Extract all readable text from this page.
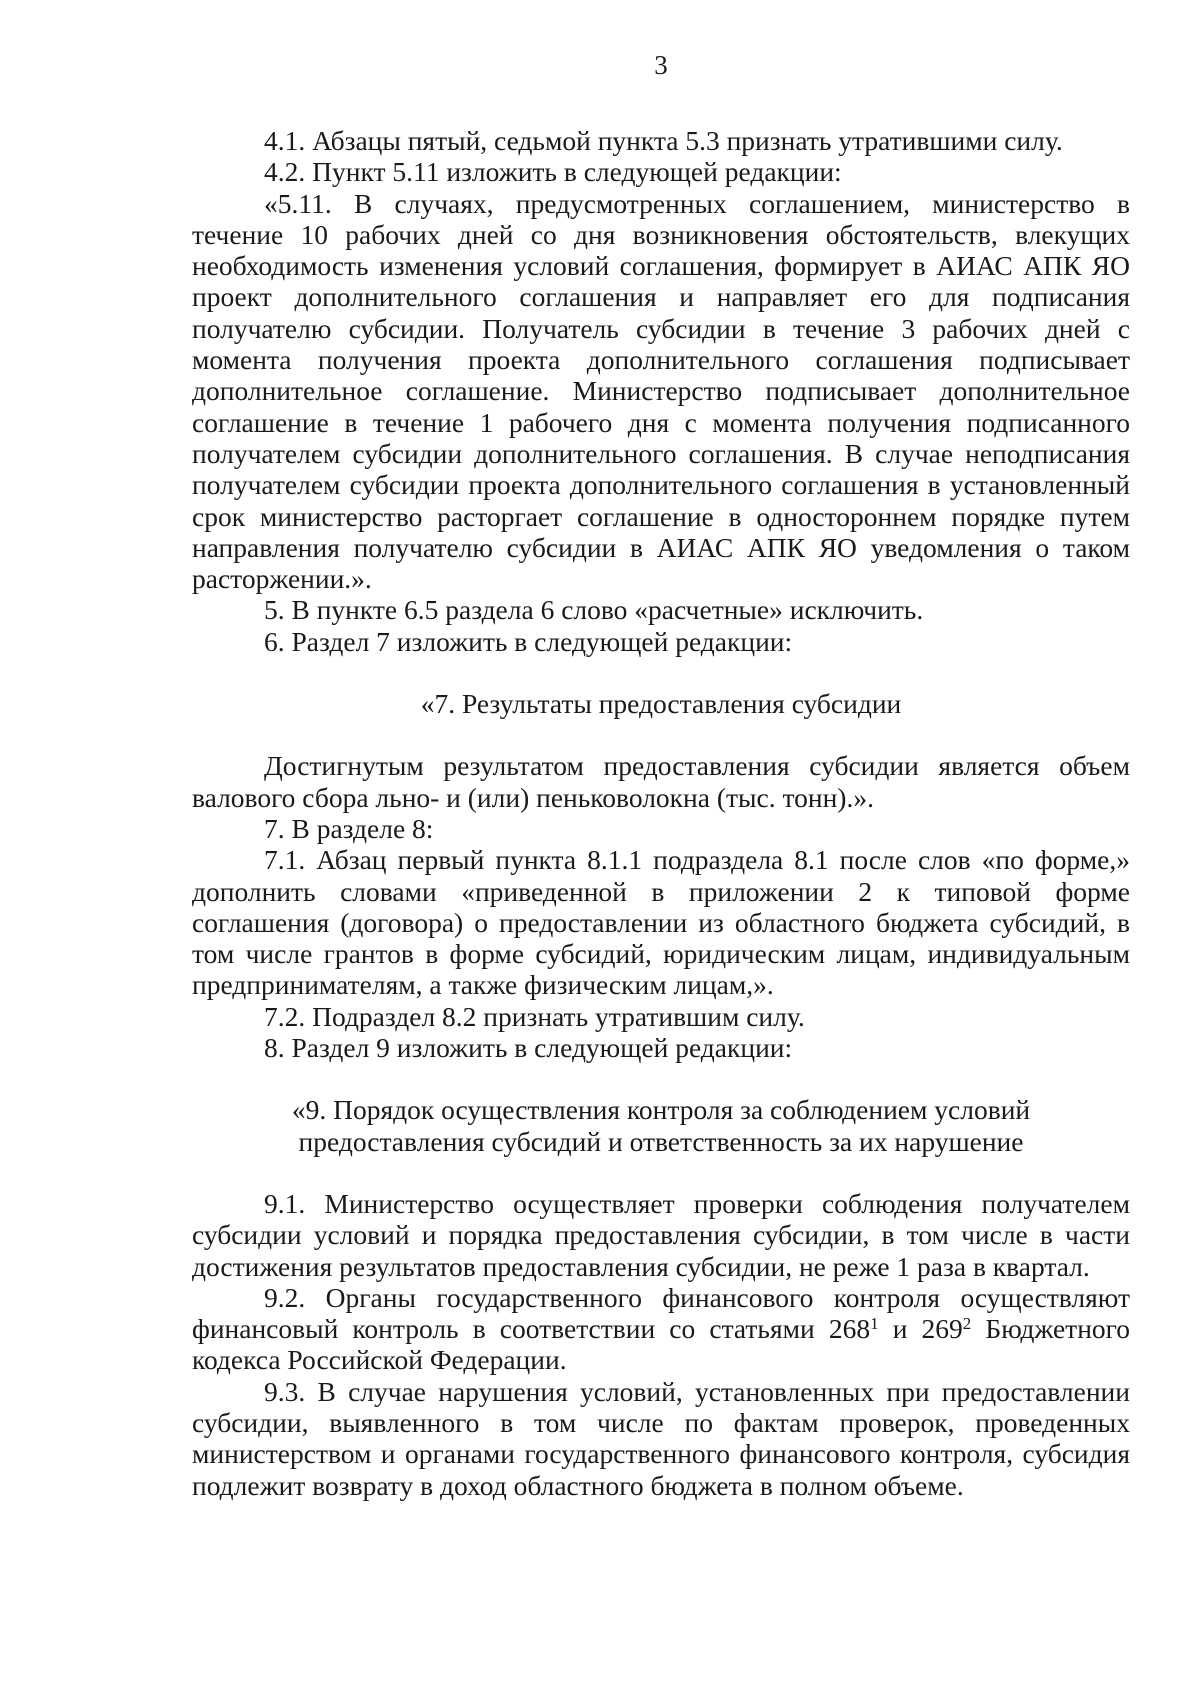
3

4.1. Абзацы пятый, седьмой пункта 5.3 признать утратившими силу.

4.2. Пункт 5.11 изложить в следующей редакции:

«5.11. В случаях, предусмотренных соглашением, министерство в течение 10 рабочих дней со дня возникновения обстоятельств, влекущих необходимость изменения условий соглашения, формирует в АИАС АПК ЯО проект дополнительного соглашения и направляет его для подписания получателю субсидии. Получатель субсидии в течение 3 рабочих дней с момента получения проекта дополнительного соглашения подписывает дополнительное соглашение. Министерство подписывает дополнительное соглашение в течение 1 рабочего дня с момента получения подписанного получателем субсидии дополнительного соглашения. В случае неподписания получателем субсидии проекта дополнительного соглашения в установленный срок министерство расторгает соглашение в одностороннем порядке путем направления получателю субсидии в АИАС АПК ЯО уведомления о таком расторжении.».

5. В пункте 6.5 раздела 6 слово «расчетные» исключить.

6. Раздел 7 изложить в следующей редакции:

«7. Результаты предоставления субсидии

Достигнутым результатом предоставления субсидии является объем валового сбора льно- и (или) пеньковолокна (тыс. тонн).».

7. В разделе 8:

7.1. Абзац первый пункта 8.1.1 подраздела 8.1 после слов «по форме,» дополнить словами «приведенной в приложении 2 к типовой форме соглашения (договора) о предоставлении из областного бюджета субсидий, в том числе грантов в форме субсидий, юридическим лицам, индивидуальным предпринимателям, а также физическим лицам,».

7.2. Подраздел 8.2 признать утратившим силу.

8. Раздел 9 изложить в следующей редакции:

«9. Порядок осуществления контроля за соблюдением условий

предоставления субсидий и ответственность за их нарушение

9.1. Министерство осуществляет проверки соблюдения получателем субсидии условий и порядка предоставления субсидии, в том числе в части достижения результатов предоставления субсидии, не реже 1 раза в квартал.

9.2. Органы государственного финансового контроля осуществляют финансовый контроль в соответствии со статьями $268^1$ и $269^2$ Бюджетного кодекса Российской Федерации.

9.3. В случае нарушения условий, установленных при предоставлении субсидии, выявленного в том числе по фактам проверок, проведенных министерством и органами государственного финансового контроля, субсидия подлежит возврату в доход областного бюджета в полном объеме.
